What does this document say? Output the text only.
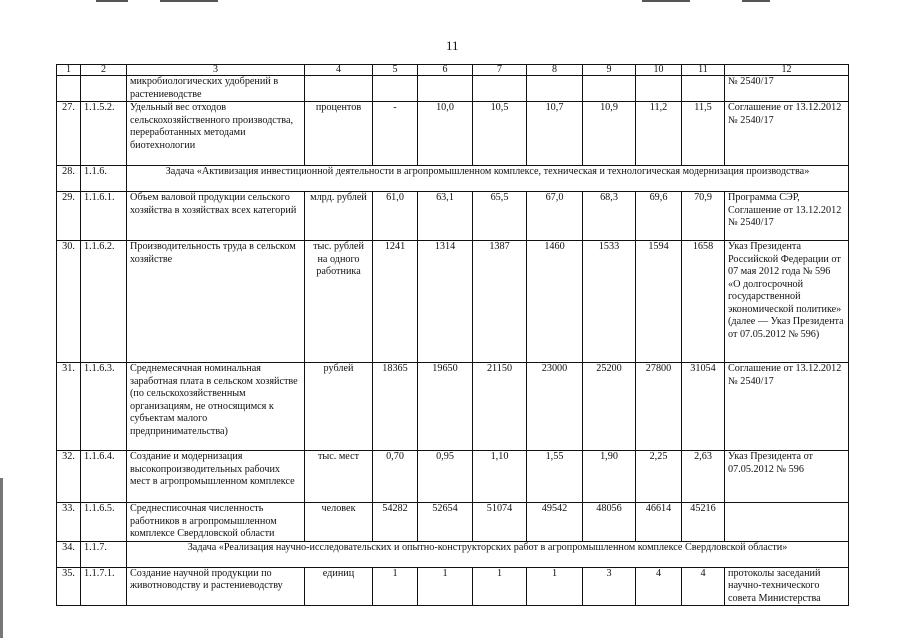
11
1	2	3	4	5	6	7	8	9	10	11	12
		микробиологических удобрений в растениеводстве									№ 2540/17
27.	1.1.5.2.	Удельный вес отходов сельскохозяйственного производства, переработанных методами биотехнологии	процентов	-	10,0	10,5	10,7	10,9	11,2	11,5	Соглашение от 13.12.2012 № 2540/17
28.	1.1.6.	Задача «Активизация инвестиционной деятельности в агропромышленном комплексе, техническая и технологическая модернизация производства»									
29.	1.1.6.1.	Объем валовой продукции сельского хозяйства в хозяйствах всех категорий	млрд. рублей	61,0	63,1	65,5	67,0	68,3	69,6	70,9	Программа СЭР, Соглашение от 13.12.2012 № 2540/17
30.	1.1.6.2.	Производительность труда в сельском хозяйстве	тыс. рублей на одного работника	1241	1314	1387	1460	1533	1594	1658	Указ Президента Российской Федерации от 07 мая 2012 года № 596 «О долгосрочной государственной экономической политике» (далее — Указ Президента от 07.05.2012 № 596)
31.	1.1.6.3.	Среднемесячная номинальная заработная плата в сельском хозяйстве (по сельскохозяйственным организациям, не относящимся к субъектам малого предпринимательства)	рублей	18365	19650	21150	23000	25200	27800	31054	Соглашение от 13.12.2012 № 2540/17
32.	1.1.6.4.	Создание и модернизация высокопроизводительных рабочих мест в агропромышленном комплексе	тыс. мест	0,70	0,95	1,10	1,55	1,90	2,25	2,63	Указ Президента от 07.05.2012 № 596
33.	1.1.6.5.	Среднесписочная численность работников в агропромышленном комплексе Свердловской области	человек	54282	52654	51074	49542	48056	46614	45216	
34.	1.1.7.	Задача «Реализация научно-исследовательских и опытно-конструкторских работ в агропромышленном комплексе Свердловской области»									
35.	1.1.7.1.	Создание научной продукции по животноводству и растениеводству	единиц	1	1	1	1	3	4	4	протоколы заседаний научно-технического совета Министерства
